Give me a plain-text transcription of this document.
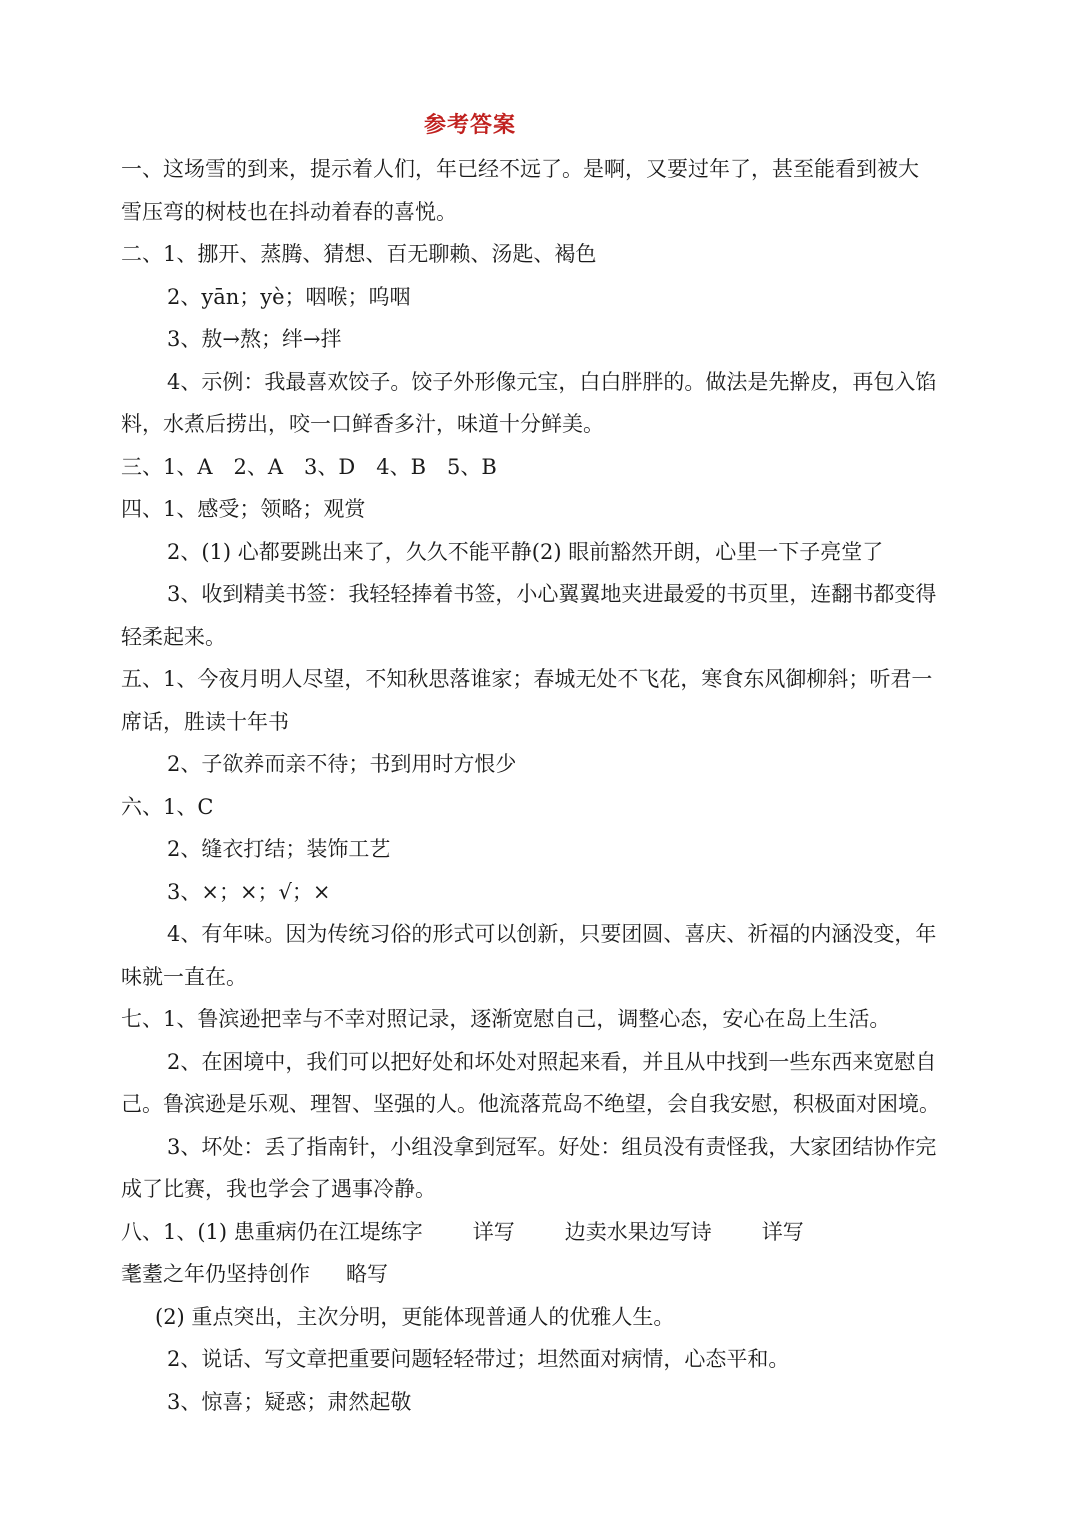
参考答案
一、这场雪的到来，提示着人们，年已经不远了。是啊，又要过年了，甚至能看到被大
雪压弯的树枝也在抖动着春的喜悦。
二、1、挪开、蒸腾、猜想、百无聊赖、汤匙、褐色
2、yān；yè；咽喉；呜咽
3、敖→熬；绊→拌
4、示例：我最喜欢饺子。饺子外形像元宝，白白胖胖的。做法是先擀皮，再包入馅
料，水煮后捞出，咬一口鲜香多汁，味道十分鲜美。
三、1、A　2、A　3、D　4、B　5、B
四、1、感受；领略；观赏
2、(1) 心都要跳出来了，久久不能平静(2) 眼前豁然开朗，心里一下子亮堂了
3、收到精美书签：我轻轻捧着书签，小心翼翼地夹进最爱的书页里，连翻书都变得
轻柔起来。
五、1、今夜月明人尽望，不知秋思落谁家；春城无处不飞花，寒食东风御柳斜；听君一
席话，胜读十年书
2、子欲养而亲不待；书到用时方恨少
六、1、C
2、缝衣打结；装饰工艺
3、×；×；√；×
4、有年味。因为传统习俗的形式可以创新，只要团圆、喜庆、祈福的内涵没变，年
味就一直在。
七、1、鲁滨逊把幸与不幸对照记录，逐渐宽慰自己，调整心态，安心在岛上生活。
2、在困境中，我们可以把好处和坏处对照起来看，并且从中找到一些东西来宽慰自
己。鲁滨逊是乐观、理智、坚强的人。他流落荒岛不绝望，会自我安慰，积极面对困境。
3、坏处：丢了指南针，小组没拿到冠军。好处：组员没有责怪我，大家团结协作完
成了比赛，我也学会了遇事冷静。
八、1、(1) 患重病仍在江堤练字 详写 边卖水果边写诗 详写
耄耋之年仍坚持创作 略写
(2) 重点突出，主次分明，更能体现普通人的优雅人生。
2、说话、写文章把重要问题轻轻带过；坦然面对病情，心态平和。
3、惊喜；疑惑；肃然起敬
